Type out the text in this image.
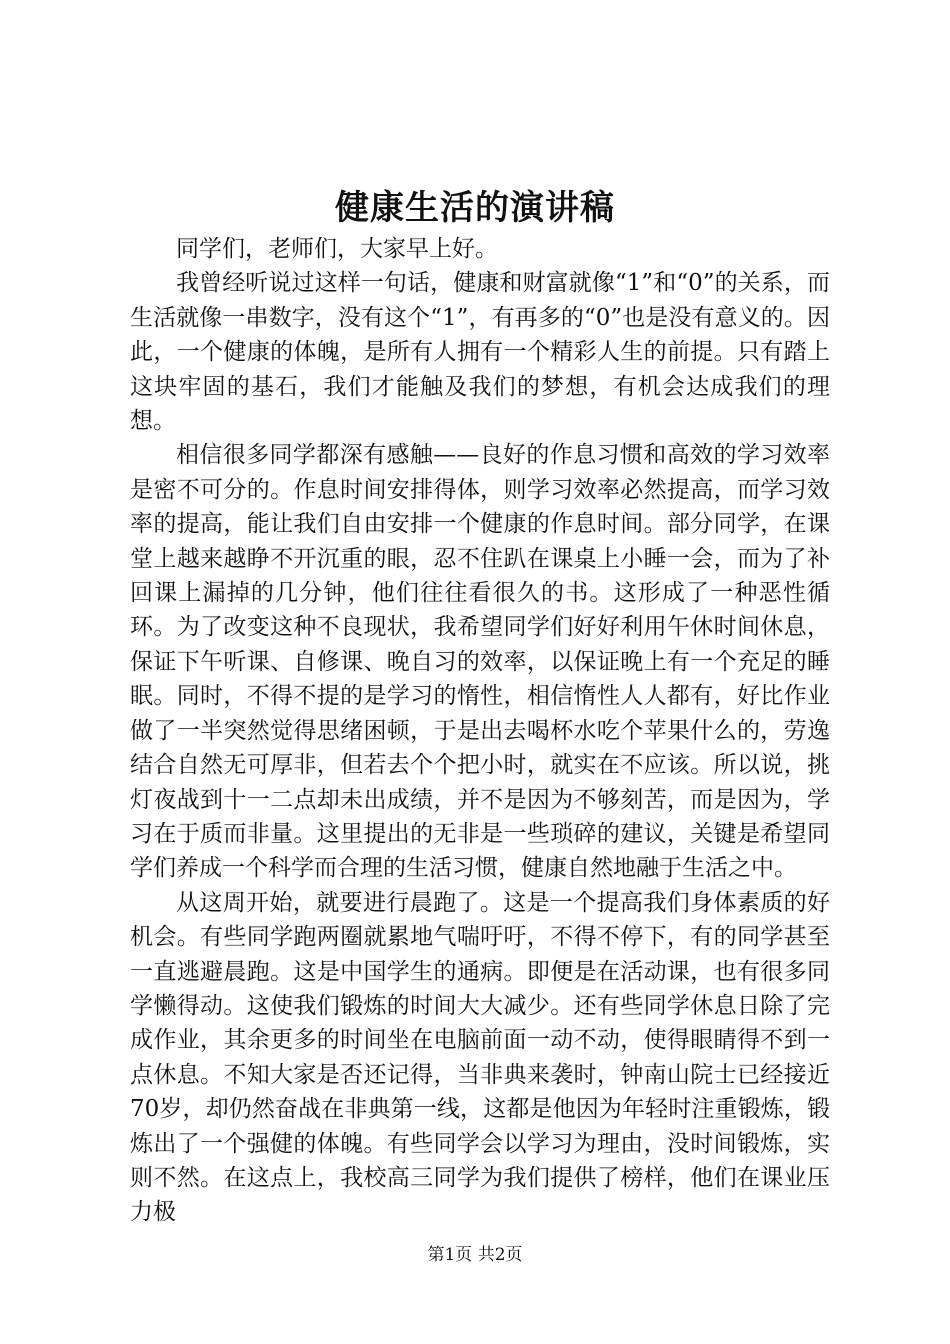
健康生活的演讲稿

同学们，老师们，大家早上好。

我曾经听说过这样一句话，健康和财富就像“1”和“0”的关系，而生活就像一串数字，没有这个“1”，有再多的“0”也是没有意义的。因此，一个健康的体魄，是所有人拥有一个精彩人生的前提。只有踏上这块牢固的基石，我们才能触及我们的梦想，有机会达成我们的理想。

相信很多同学都深有感触——良好的作息习惯和高效的学习效率是密不可分的。作息时间安排得体，则学习效率必然提高，而学习效率的提高，能让我们自由安排一个健康的作息时间。部分同学，在课堂上越来越睁不开沉重的眼，忍不住趴在课桌上小睡一会，而为了补回课上漏掉的几分钟，他们往往看很久的书。这形成了一种恶性循环。为了改变这种不良现状，我希望同学们好好利用午休时间休息，保证下午听课、自修课、晚自习的效率，以保证晚上有一个充足的睡眠。同时，不得不提的是学习的惰性，相信惰性人人都有，好比作业做了一半突然觉得思绪困顿，于是出去喝杯水吃个苹果什么的，劳逸结合自然无可厚非，但若去个个把小时，就实在不应该。所以说，挑灯夜战到十一二点却未出成绩，并不是因为不够刻苦，而是因为，学习在于质而非量。这里提出的无非是一些琐碎的建议，关键是希望同学们养成一个科学而合理的生活习惯，健康自然地融于生活之中。

从这周开始，就要进行晨跑了。这是一个提高我们身体素质的好机会。有些同学跑两圈就累地气喘吁吁，不得不停下，有的同学甚至一直逃避晨跑。这是中国学生的通病。即便是在活动课，也有很多同学懒得动。这使我们锻炼的时间大大减少。还有些同学休息日除了完成作业，其余更多的时间坐在电脑前面一动不动，使得眼睛得不到一点休息。不知大家是否还记得，当非典来袭时，钟南山院士已经接近70岁，却仍然奋战在非典第一线，这都是他因为年轻时注重锻炼，锻炼出了一个强健的体魄。有些同学会以学习为理由，没时间锻炼，实则不然。在这点上，我校高三同学为我们提供了榜样，他们在课业压力极

第1页 共2页
